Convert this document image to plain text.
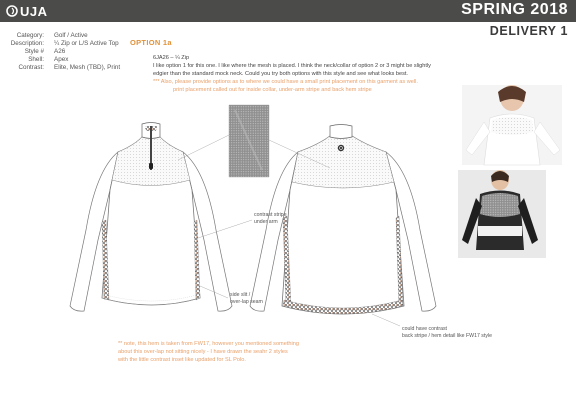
UJA	SPRING 2018
DELIVERY 1
Category: Golf / Active
Description: ¼ Zip or L/S Active Top
Style # A26
Shell: Apex
Contrast: Elite, Mesh (TBD), Print
OPTION 1a
6JA26 – ¼ Zip
I like option 1 for this one. I like where the mesh is placed. I think the neck/collar of option 2 or 3 might be slightly
edgier than the standard mock neck. Could you try both options with this style and see what looks best.
*** Also, please provide options as to where we could have a small print placement on this garment as well.
print placement called out for inside collar, under-arm stripe and back hem stripe
contrast stripe
under arm
side slit /
over-lap seam
could have contrast
back stripe / hem detail like FW17 style
** note, this hem is taken from FW17, however you mentioned something
about this over-lap not sitting nicely - I have drawn the seahr 2 styles
with the little contrast inset like updated for SL Polo.
